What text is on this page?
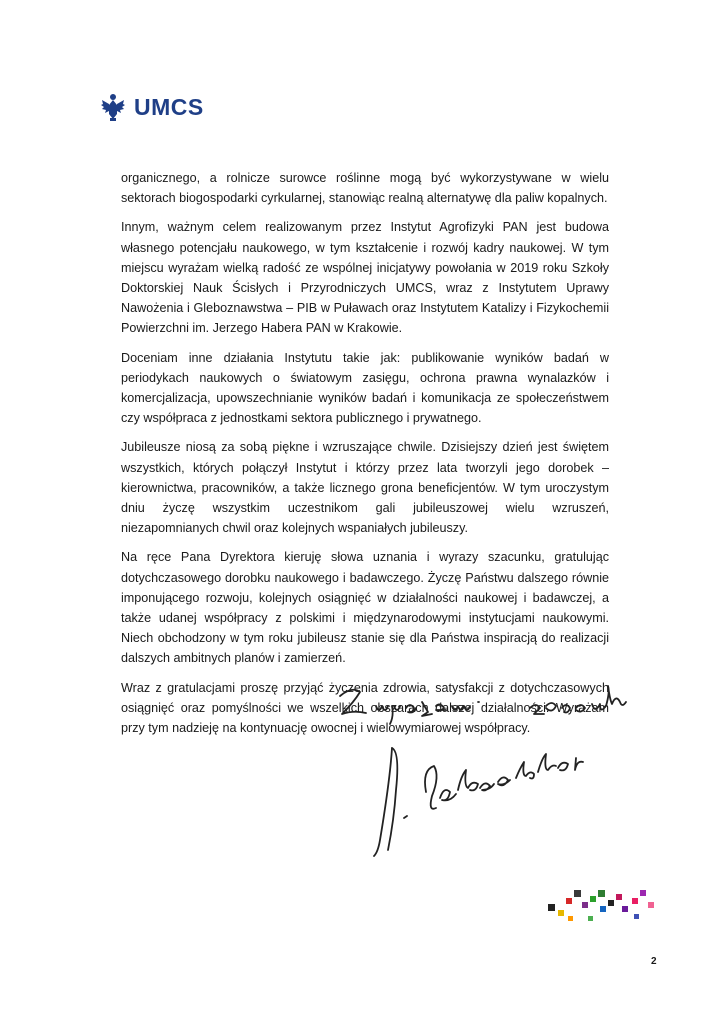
UMCS

organicznego, a rolnicze surowce roślinne mogą być wykorzystywane w wielu sektorach biogospodarki cyrkularnej, stanowiąc realną alternatywę dla paliw kopalnych.

Innym, ważnym celem realizowanym przez Instytut Agrofizyki PAN jest budowa własnego potencjału naukowego, w tym kształcenie i rozwój kadry naukowej. W tym miejscu wyrażam wielką radość ze wspólnej inicjatywy powołania w 2019 roku Szkoły Doktorskiej Nauk Ścisłych i Przyrodniczych UMCS, wraz z Instytutem Uprawy Nawożenia i Gleboznawstwa – PIB w Puławach oraz Instytutem Katalizy i Fizykochemii Powierzchni im. Jerzego Habera PAN w Krakowie.

Doceniam inne działania Instytutu takie jak: publikowanie wyników badań w periodykach naukowych o światowym zasięgu, ochrona prawna wynalazków i komercjalizacja, upowszechnianie wyników badań i komunikacja ze społeczeństwem czy współpraca z jednostkami sektora publicznego i prywatnego.

Jubileusze niosą za sobą piękne i wzruszające chwile. Dzisiejszy dzień jest świętem wszystkich, których połączył Instytut i którzy przez lata tworzyli jego dorobek – kierownictwa, pracowników, a także licznego grona beneficjentów. W tym uroczystym dniu życzę wszystkim uczestnikom gali jubileuszowej wielu wzruszeń, niezapomnianych chwil oraz kolejnych wspaniałych jubileuszy.

Na ręce Pana Dyrektora kieruję słowa uznania i wyrazy szacunku, gratulując dotychczasowego dorobku naukowego i badawczego. Życzę Państwu dalszego równie imponującego rozwoju, kolejnych osiągnięć w działalności naukowej i badawczej, a także udanej współpracy z polskimi i międzynarodowymi instytucjami naukowymi. Niech obchodzony w tym roku jubileusz stanie się dla Państwa inspiracją do realizacji dalszych ambitnych planów i zamierzeń.

Wraz z gratulacjami proszę przyjąć życzenia zdrowia, satysfakcji z dotychczasowych osiągnięć oraz pomyślności we wszelkich obszarach dalszej działalności. Wyrażam przy tym nadzieję na kontynuację owocnej i wielowymiarowej współpracy.

2
